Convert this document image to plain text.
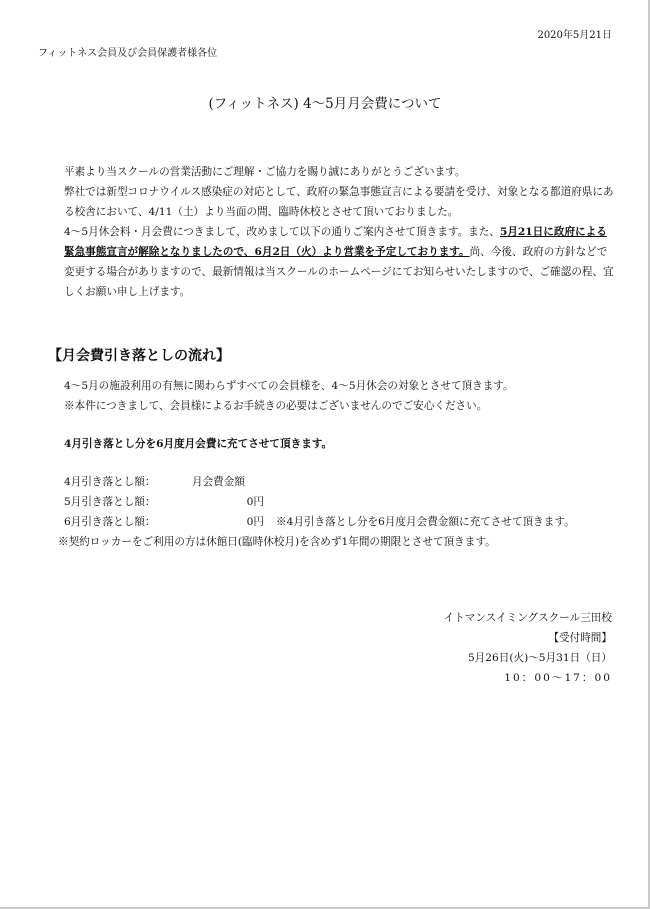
2020年5月21日
フィットネス会員及び会員保護者様各位
(フィットネス) 4～5月月会費について

平素より当スクールの営業活動にご理解・ご協力を賜り誠にありがとうございます。

弊社では新型コロナウイルス感染症の対応として、政府の緊急事態宣言による要請を受け、対象となる都道府県にあ

る校舎において、4/11（土）より当面の間、臨時休校とさせて頂いておりました。

4～5月休会料・月会費につきまして、改めまして以下の通りご案内させて頂きます。また、5月21日に政府による

緊急事態宣言が解除となりましたので、6月2日（火）より営業を予定しております。尚、今後、政府の方針などで

変更する場合がありますので、最新情報は当スクールのホームページにてお知らせいたしますので、ご確認の程、宜

しくお願い申し上げます。

【月会費引き落としの流れ】
4～5月の施設利用の有無に関わらずすべての会員様を、4～5月休会の対象とさせて頂きます。
※本件につきまして、会員様によるお手続きの必要はございませんのでご安心ください。
4月引き落とし分を6月度月会費に充てさせて頂きます。
4月引き落とし額：	月会費金額
5月引き落とし額：	0円
6月引き落とし額：	0円 ※4月引き落とし分を6月度月会費金額に充てさせて頂きます。
※契約ロッカーをご利用の方は休館日(臨時休校月)を含めず1年間の期限とさせて頂きます。
イトマンスイミングスクール三田校
【受付時間】
5月26日(火)～5月31日（日）
10：00～17：00
